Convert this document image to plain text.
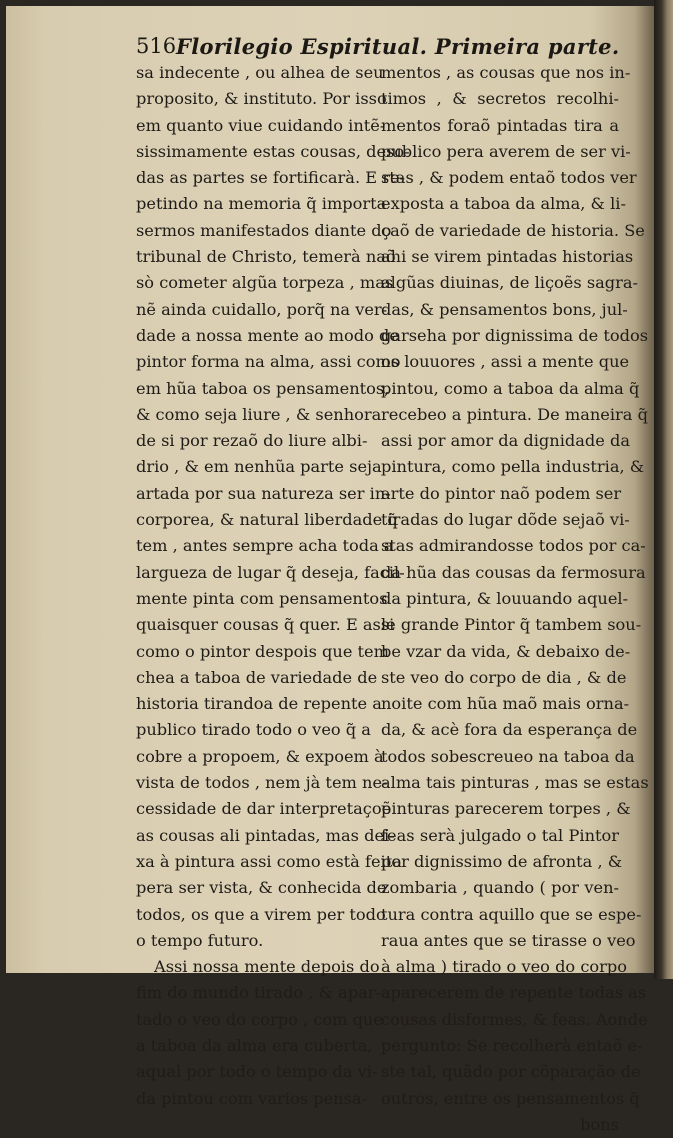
516 Florilegio Espiritual. Primeira parte.
sa indecente , ou alhea de seu
proposito, & instituto. Por isso
em quanto viue cuidando intẽ-
sissimamente estas cousas, deso-
das as partes se fortificarà. E re-
petindo na memoria q̃ importa
sermos manifestados diante do
tribunal de Christo, temerà naõ
sò cometer algũa torpeza , mas
nẽ ainda cuidallo, porq̃ na ver-
dade a nossa mente ao modo de
pintor forma na alma, assi como
em hũa taboa os pensamentos,
& como seja liure , & senhora
de si por rezaõ do liure albi-
drio , & em nenhũa parte seja
artada por sua natureza ser in-
corporea, & natural liberdade q̃
tem , antes sempre acha toda a
largueza de lugar q̃ deseja, facil-
mente pinta com pensamentos
quaisquer cousas q̃ quer. E assi
como o pintor despois que tem
chea a taboa de variedade de
historia tirandoa de repente a
publico tirado todo o veo q̃ a
cobre a propoem, & expoem à
vista de todos , nem jà tem ne-
cessidade de dar interpretaçoẽ
as cousas ali pintadas, mas dei-
xa à pintura assi como està feita
pera ser vista, & conhecida de
todos, os que a virem per todo
o tempo futuro.
Assi nossa mente depois do
fim do mundo tirado , & apar-
tado o veo do corpo , com que
a taboa da alma era cuberta,
aqual por todo o tempo da vi-
da pintou com varios pensa-
mentos , as cousas que nos in-
timos , & secretos recolhi-
mentos foraõ pintadas tira a
publico pera averem de ser vi-
stas , & podem entaõ todos ver
exposta a taboa da alma, & li-
çaõ de variedade de historia. Se
ahi se virem pintadas historias
algũas diuinas, de liçoẽs sagra-
das, & pensamentos bons, jul-
garseha por dignissima de todos
os louuores , assi a mente que
pintou, como a taboa da alma q̃
recebeo a pintura. De maneira q̃
assi por amor da dignidade da
pintura, como pella industria, &
arte do pintor naõ podem ser
tiradas do lugar dõde sejaõ vi-
stas admirandosse todos por ca-
da hũa das cousas da fermosura
da pintura, & louuando aquel-
le grande Pintor q̃ tambem sou-
be vzar da vida, & debaixo de-
ste veo do corpo de dia , & de
noite com hũa maõ mais orna-
da, & acè fora da esperança de
todos sobescreueo na taboa da
alma tais pinturas , mas se estas
pinturas parecerem torpes , &
feas serà julgado o tal Pintor
por dignissimo de afronta , &
zombaria , quando ( por ven-
tura contra aquillo que se espe-
raua antes que se tirasse o veo
à alma ) tirado o veo do corpo
aparecerem de repente todas as
cousas disformes, & feas. Aonde
pergunto: Se recolherà entaõ e-
ste tal, quãdo por cõparação de
outros, entre os pensamentos q̃
bons
